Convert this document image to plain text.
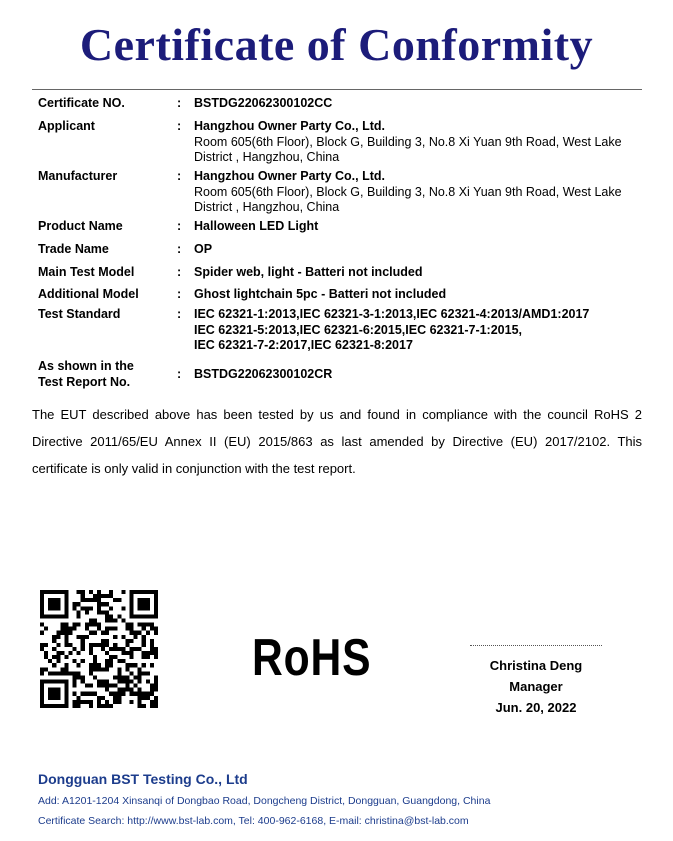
Certificate of Conformity
Certificate NO.	: BSTDG22062300102CC
Applicant	: Hangzhou Owner Party Co., Ltd.
Room 605(6th Floor), Block G, Building 3, No.8 Xi Yuan 9th Road, West Lake District , Hangzhou, China
Manufacturer	: Hangzhou Owner Party Co., Ltd.
Room 605(6th Floor), Block G, Building 3, No.8 Xi Yuan 9th Road, West Lake District , Hangzhou, China
Product Name	: Halloween LED Light
Trade Name	: OP
Main Test Model	: Spider web, light - Batteri not included
Additional Model	: Ghost lightchain 5pc - Batteri not included
Test Standard	: IEC 62321-1:2013,IEC 62321-3-1:2013,IEC 62321-4:2013/AMD1:2017
IEC 62321-5:2013,IEC 62321-6:2015,IEC 62321-7-1:2015,
IEC 62321-7-2:2017,IEC 62321-8:2017
As shown in the
Test Report No.
: BSTDG22062300102CR
The EUT described above has been tested by us and found in compliance with the council RoHS 2 Directive 2011/65/EU Annex II (EU) 2015/863 as last amended by Directive (EU) 2017/2102. This certificate is only valid in conjunction with the test report.
RoHS	Christina Deng
Manager
Jun. 20, 2022
Dongguan BST Testing Co., Ltd
Add: A1201-1204 Xinsanqi of Dongbao Road, Dongcheng District, Dongguan, Guangdong, China
Certificate Search: http://www.bst-lab.com, Tel: 400-962-6168, E-mail: christina@bst-lab.com
